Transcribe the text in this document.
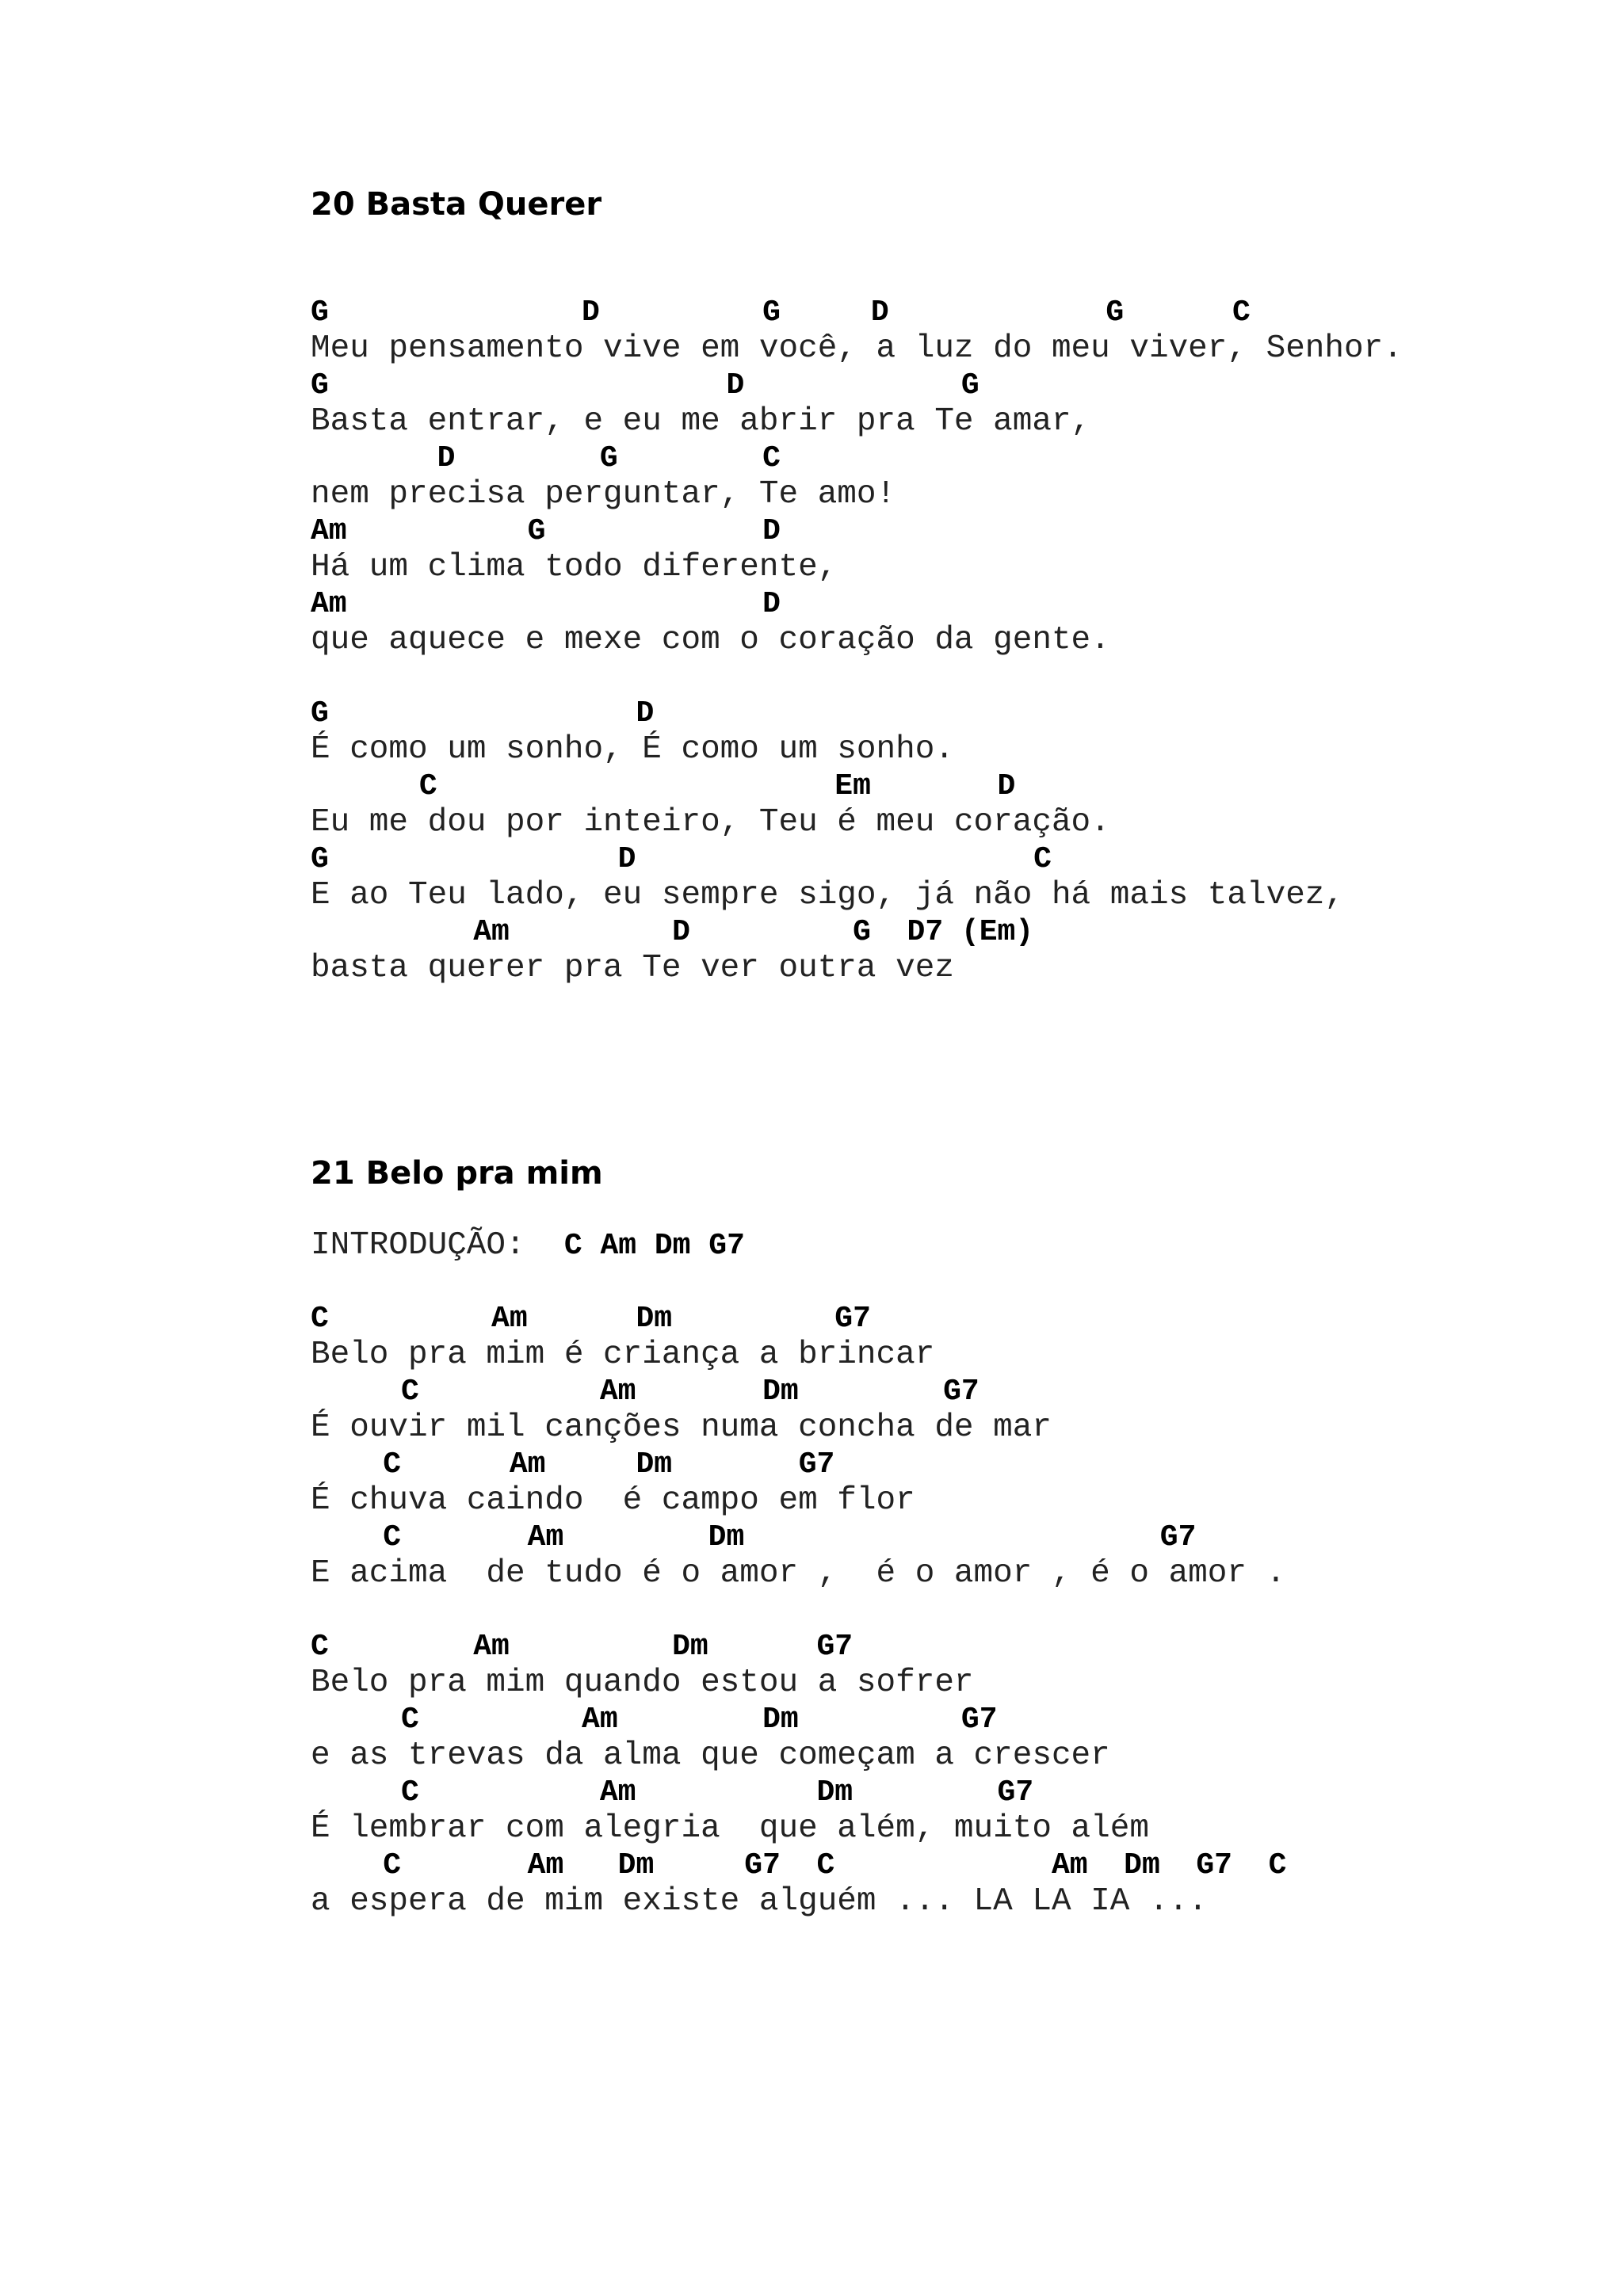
20 Basta Querer
G              D         G     D            G      C
Meu pensamento vive em você, a luz do meu viver, Senhor.
G                      D            G
Basta entrar, e eu me abrir pra Te amar,
D        G        C
nem precisa perguntar, Te amo!
Am          G            D
Há um clima todo diferente,
Am                       D
que aquece e mexe com o coração da gente.
G                 D
É como um sonho, É como um sonho.
C                      Em       D
Eu me dou por inteiro, Teu é meu coração.
G                D                      C
E ao Teu lado, eu sempre sigo, já não há mais talvez,
Am         D         G  D7 (Em)
basta querer pra Te ver outra vez
21 Belo pra mim
INTRODUÇÃO:  C Am Dm G7
C         Am      Dm         G7
Belo pra mim é criança a brincar
C          Am       Dm        G7
É ouvir mil canções numa concha de mar
C      Am     Dm       G7
É chuva caindo  é campo em flor
C       Am        Dm                       G7
E acima  de tudo é o amor ,  é o amor , é o amor .
C        Am         Dm      G7
Belo pra mim quando estou a sofrer
C         Am        Dm         G7
e as trevas da alma que começam a crescer
C          Am          Dm        G7
É lembrar com alegria  que além, muito além
C       Am   Dm     G7  C            Am  Dm  G7  C
a espera de mim existe alguém ... LA LA IA ...
